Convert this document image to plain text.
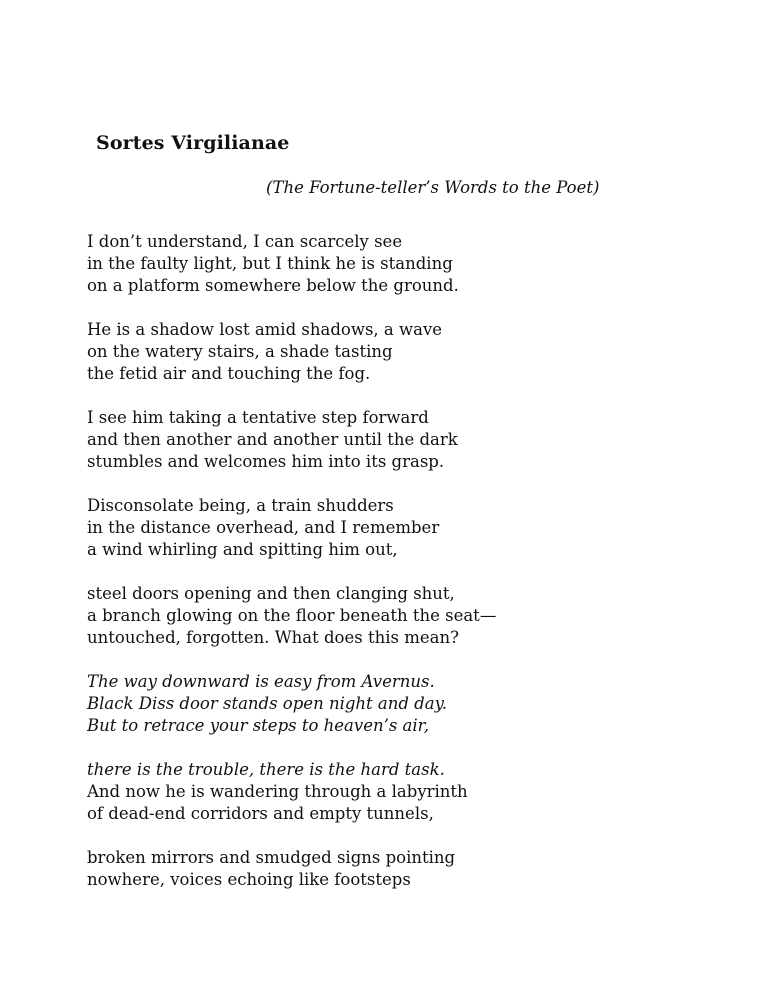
Sortes Virgilianae
(The Fortune-teller’s Words to the Poet)
I don’t understand, I can scarcely see
in the faulty light, but I think he is standing
on a platform somewhere below the ground.
He is a shadow lost amid shadows, a wave
on the watery stairs, a shade tasting
the fetid air and touching the fog.
I see him taking a tentative step forward
and then another and another until the dark
stumbles and welcomes him into its grasp.
Disconsolate being, a train shudders
in the distance overhead, and I remember
a wind whirling and spitting him out,
steel doors opening and then clanging shut,
a branch glowing on the floor beneath the seat—
untouched, forgotten. What does this mean?
The way downward is easy from Avernus.
Black Diss door stands open night and day.
But to retrace your steps to heaven’s air,
there is the trouble, there is the hard task.
And now he is wandering through a labyrinth
of dead-end corridors and empty tunnels,
broken mirrors and smudged signs pointing
nowhere, voices echoing like footsteps
